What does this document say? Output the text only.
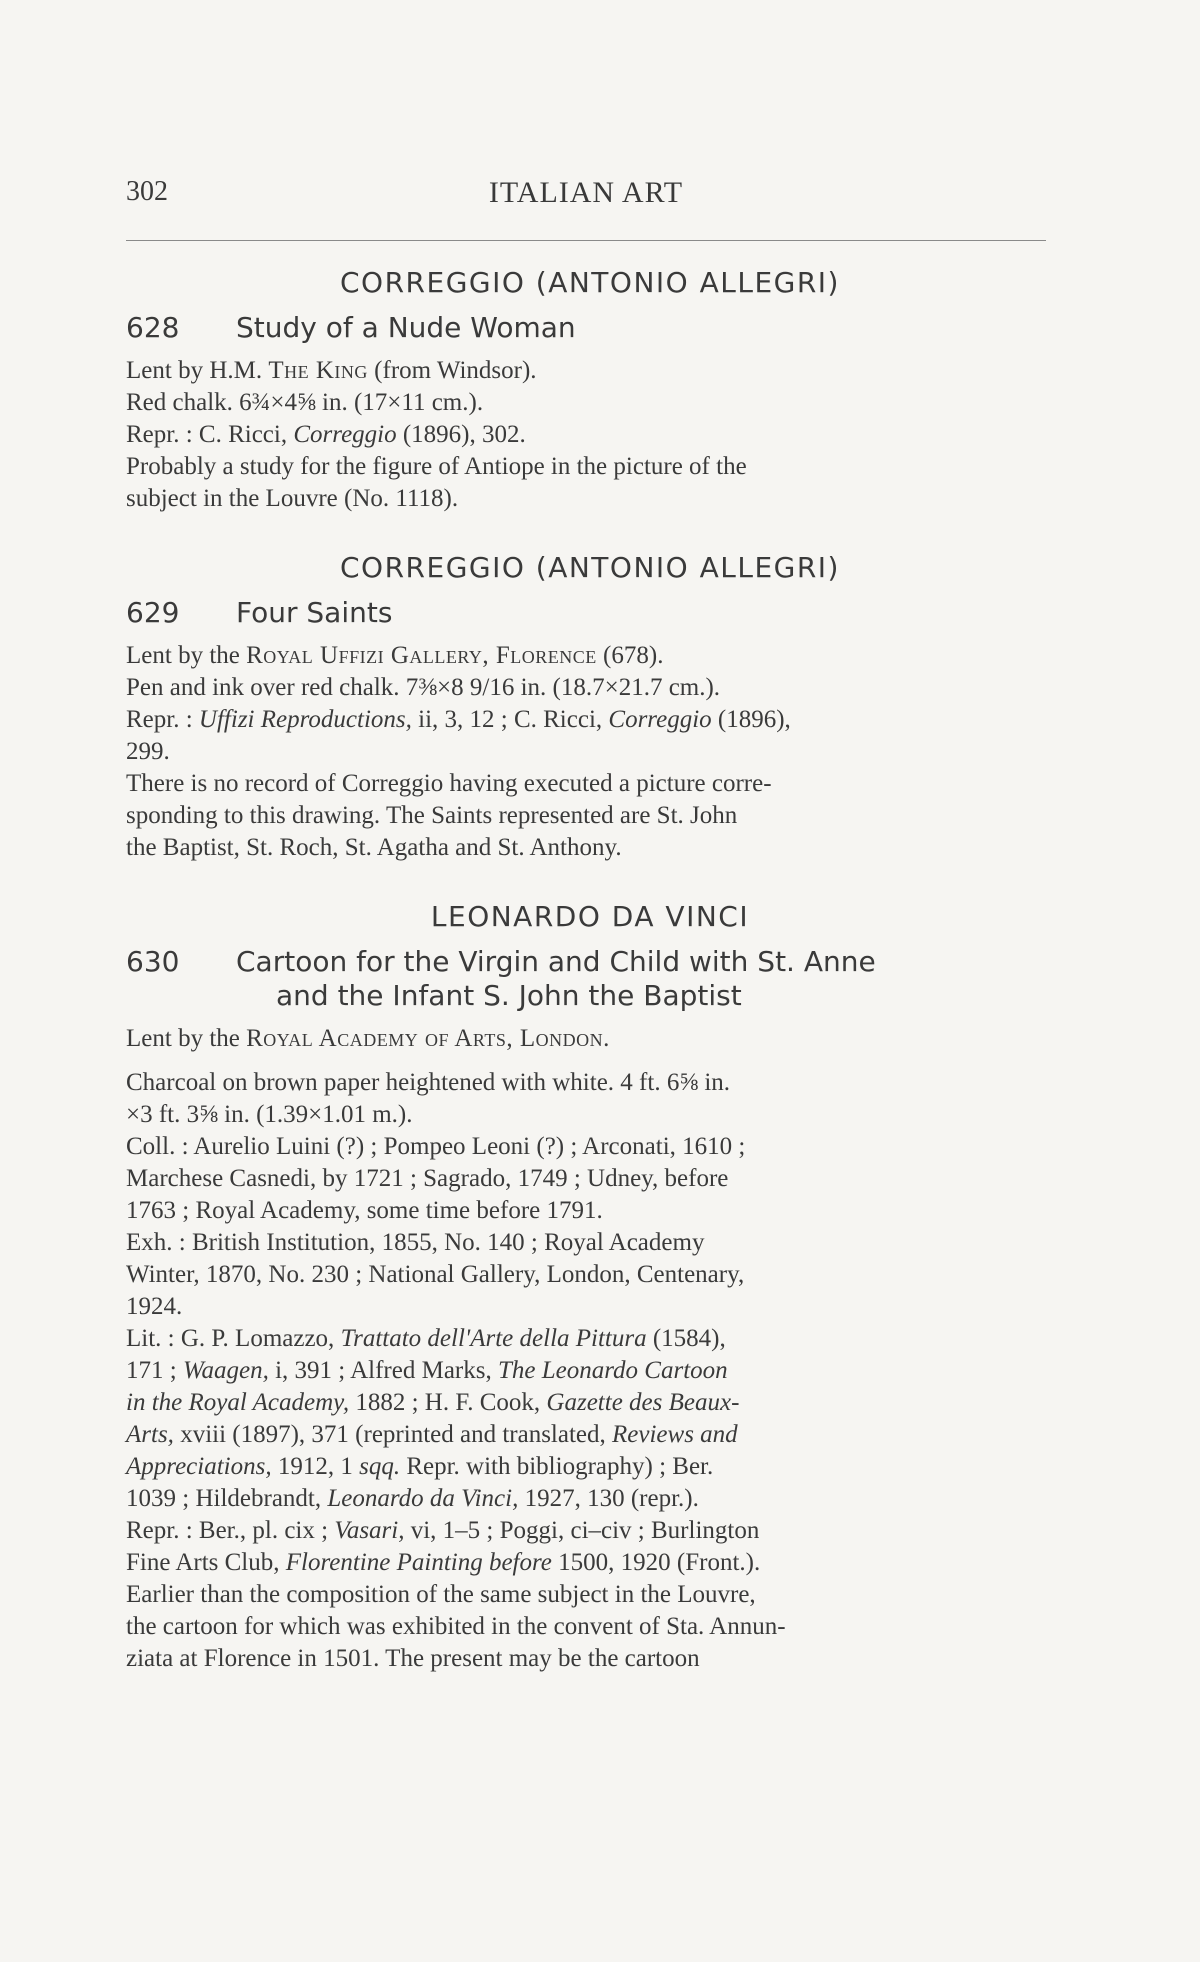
302	ITALIAN ART
CORREGGIO (ANTONIO ALLEGRI)
628	Study of a Nude Woman

Lent by H.M. The King (from Windsor).

Red chalk. 6¾×4⅝ in. (17×11 cm.).

Repr. : C. Ricci, Correggio (1896), 302.

Probably a study for the figure of Antiope in the picture of the

subject in the Louvre (No. 1118).

CORREGGIO (ANTONIO ALLEGRI)
629	Four Saints

Lent by the Royal Uffizi Gallery, Florence (678).

Pen and ink over red chalk. 7⅜×8 9/16 in. (18.7×21.7 cm.).

Repr. : Uffizi Reproductions, ii, 3, 12 ; C. Ricci, Correggio (1896),

299.

There is no record of Correggio having executed a picture corre-

sponding to this drawing. The Saints represented are St. John

the Baptist, St. Roch, St. Agatha and St. Anthony.

LEONARDO DA VINCI
630	Cartoon for the Virgin and Child with St. Anne
and the Infant S. John the Baptist

Lent by the Royal Academy of Arts, London.

Charcoal on brown paper heightened with white. 4 ft. 6⅝ in.

×3 ft. 3⅝ in. (1.39×1.01 m.).

Coll. : Aurelio Luini (?) ; Pompeo Leoni (?) ; Arconati, 1610 ;

Marchese Casnedi, by 1721 ; Sagrado, 1749 ; Udney, before

1763 ; Royal Academy, some time before 1791.

Exh. : British Institution, 1855, No. 140 ; Royal Academy

Winter, 1870, No. 230 ; National Gallery, London, Centenary,

1924.

Lit. : G. P. Lomazzo, Trattato dell'Arte della Pittura (1584),

171 ; Waagen, i, 391 ; Alfred Marks, The Leonardo Cartoon

in the Royal Academy, 1882 ; H. F. Cook, Gazette des Beaux-

Arts, xviii (1897), 371 (reprinted and translated, Reviews and

Appreciations, 1912, 1 sqq. Repr. with bibliography) ; Ber.

1039 ; Hildebrandt, Leonardo da Vinci, 1927, 130 (repr.).

Repr. : Ber., pl. cix ; Vasari, vi, 1–5 ; Poggi, ci–civ ; Burlington

Fine Arts Club, Florentine Painting before 1500, 1920 (Front.).

Earlier than the composition of the same subject in the Louvre,

the cartoon for which was exhibited in the convent of Sta. Annun-

ziata at Florence in 1501. The present may be the cartoon
